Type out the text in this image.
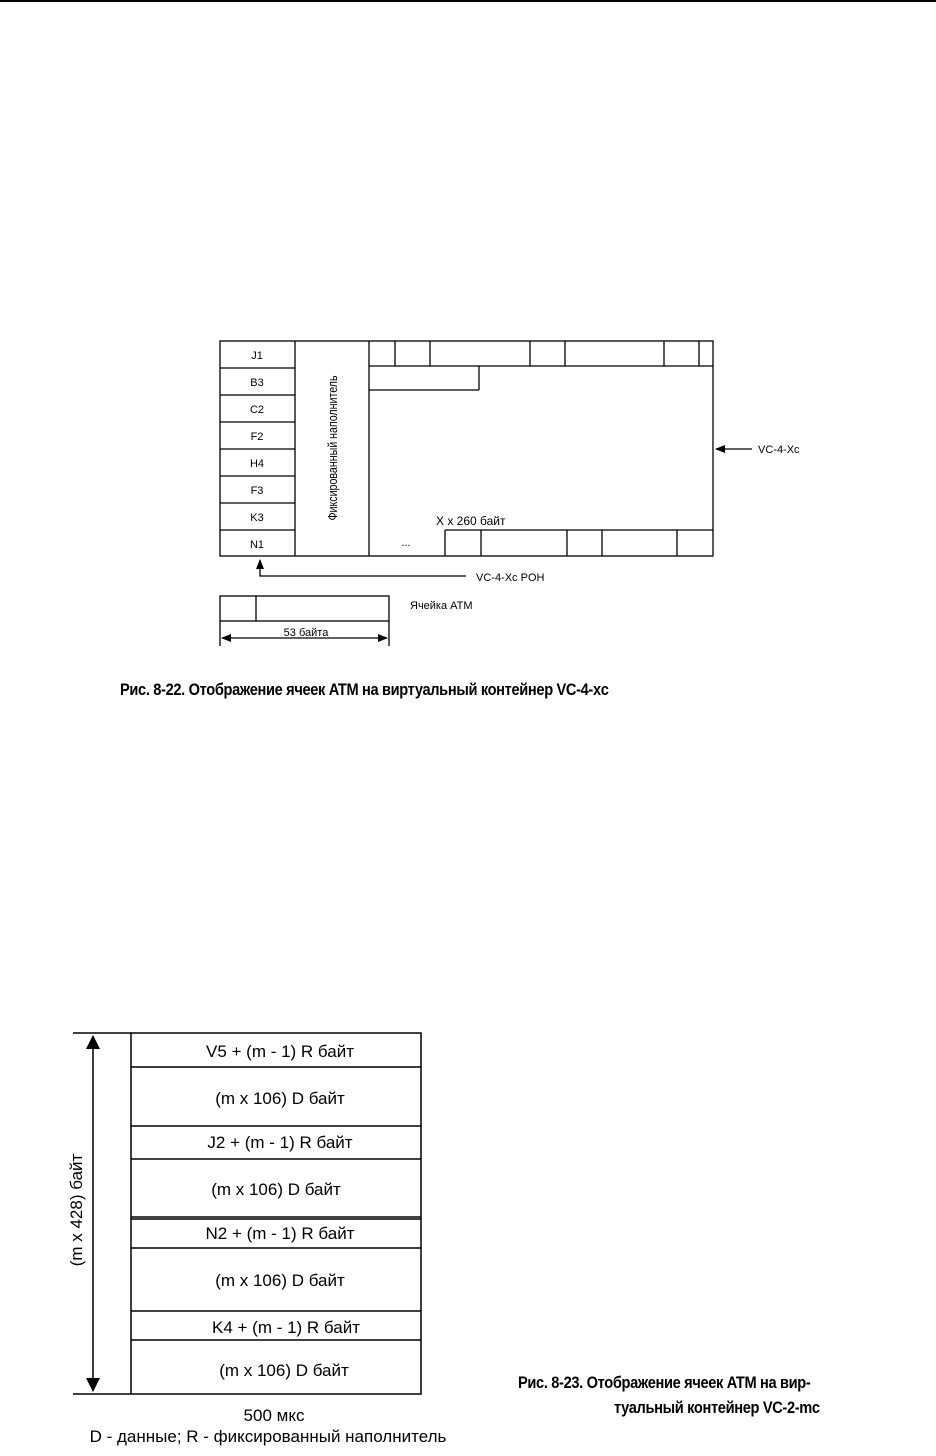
J1
B3
C2
F2
H4
F3
K3
N1
Фиксированный наполнитель
...
X x 260 байт
VC-4-Xc
VC-4-Xc POH
Ячейка ATM
53 байта
Рис. 8-22. Отображение ячеек ATM на виртуальный контейнер VC-4-xc
V5 + (m - 1) R байт
(m x 106) D байт
J2 + (m - 1) R байт
(m x 106) D байт
N2 + (m - 1) R байт
(m x 106) D байт
K4 + (m - 1) R байт
(m x 106) D байт
(m x 428) байт
500 мкс
D - данные; R - фиксированный наполнитель
Рис. 8-23. Отображение ячеек ATM на вир-
туальный контейнер VC-2-mc
